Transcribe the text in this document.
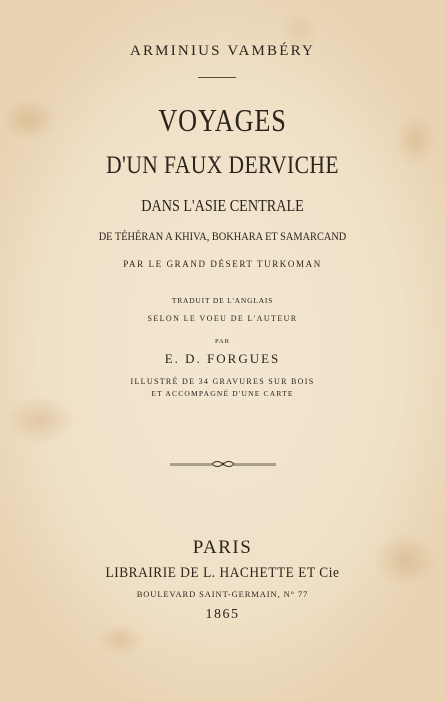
ARMINIUS VAMBÉRY
VOYAGES
D'UN FAUX DERVICHE
DANS L'ASIE CENTRALE
DE TÉHÉRAN A KHIVA, BOKHARA ET SAMARCAND
PAR LE GRAND DÉSERT TURKOMAN
TRADUIT DE L'ANGLAIS
SELON LE VOEU DE L'AUTEUR
PAR
E. D. FORGUES
ILLUSTRÉ DE 34 GRAVURES SUR BOIS
ET ACCOMPAGNÉ D'UNE CARTE
PARIS
LIBRAIRIE DE L. HACHETTE ET Cie
BOULEVARD SAINT-GERMAIN, N° 77
1865
